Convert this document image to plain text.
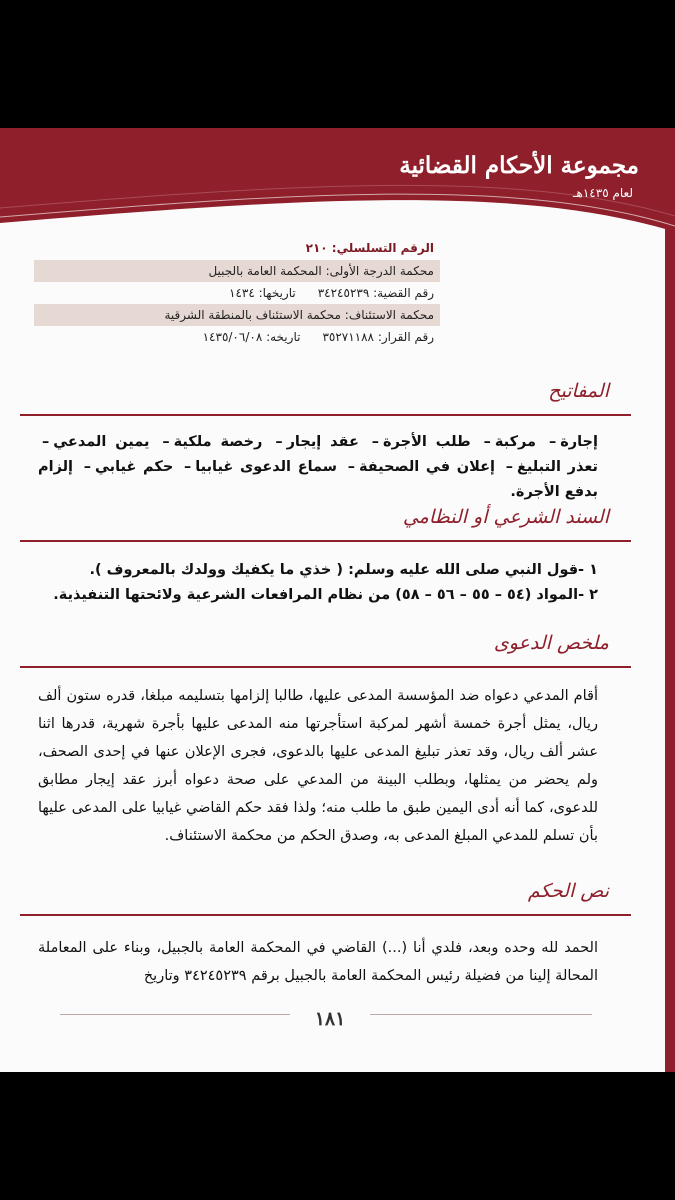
مجموعة الأحكام القضائية
لعام ١٤٣٥هـ
الرقم التسلسلي: ٢١٠
محكمة الدرجة الأولى: المحكمة العامة بالجبيل
رقم القضية: ٣٤٢٤٥٢٣٩تاريخها: ١٤٣٤
محكمة الاستئناف: محكمة الاستئناف بالمنطقة الشرقية
رقم القرار: ٣٥٢٧١١٨٨تاريخه: ١٤٣٥/٠٦/٠٨
المفاتيح
إجارة– مركبة– طلب الأجرة– عقد إيجار– رخصة ملكية– يمين المدعي– تعذر التبليغ– إعلان في الصحيفة– سماع الدعوى غيابيا– حكم غيابي– إلزام بدفع الأجرة.
السند الشرعي أو النظامي
١ -قول النبي صلى الله عليه وسلم: ( خذي ما يكفيك وولدك بالمعروف ).
٢ -المواد (٥٤ – ٥٥ – ٥٦ – ٥٨) من نظام المرافعات الشرعية ولائحتها التنفيذية.
ملخص الدعوى
أقام المدعي دعواه ضد المؤسسة المدعى عليها، طالبا إلزامها بتسليمه مبلغا، قدره ستون ألف ريال، يمثل أجرة خمسة أشهر لمركبة استأجرتها منه المدعى عليها بأجرة شهرية، قدرها اثنا عشر ألف ريال، وقد تعذر تبليغ المدعى عليها بالدعوى، فجرى الإعلان عنها في إحدى الصحف، ولم يحضر من يمثلها، وبطلب البينة من المدعي على صحة دعواه أبرز عقد إيجار مطابق للدعوى، كما أنه أدى اليمين طبق ما طلب منه؛ ولذا فقد حكم القاضي غيابيا على المدعى عليها بأن تسلم للمدعي المبلغ المدعى به، وصدق الحكم من محكمة الاستئناف.
نص الحكم
الحمد لله وحده وبعد، فلدي أنا (...) القاضي في المحكمة العامة بالجبيل، وبناء على المعاملة المحالة إلينا من فضيلة رئيس المحكمة العامة بالجبيل برقم ٣٤٢٤٥٢٣٩ وتاريخ
١٨١
